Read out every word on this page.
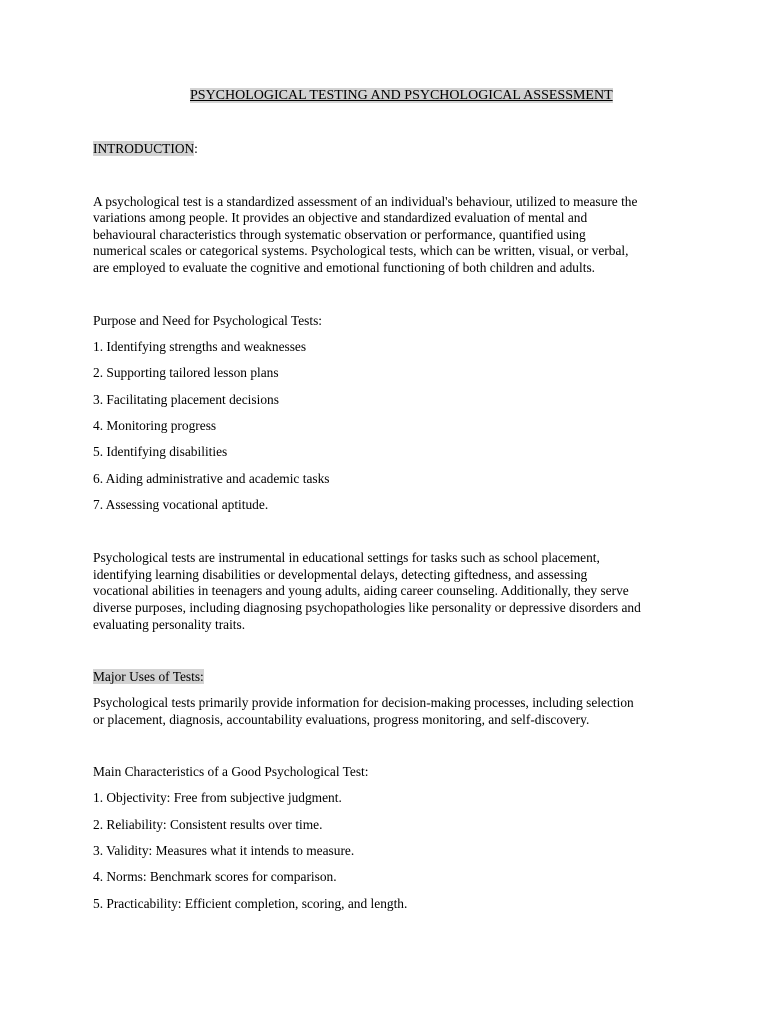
PSYCHOLOGICAL TESTING AND PSYCHOLOGICAL ASSESSMENT
INTRODUCTION:
A psychological test is a standardized assessment of an individual's behaviour, utilized to measure the
variations among people. It provides an objective and standardized evaluation of mental and
behavioural characteristics through systematic observation or performance, quantified using
numerical scales or categorical systems. Psychological tests, which can be written, visual, or verbal,
are employed to evaluate the cognitive and emotional functioning of both children and adults.
Purpose and Need for Psychological Tests:
1. Identifying strengths and weaknesses
2. Supporting tailored lesson plans
3. Facilitating placement decisions
4. Monitoring progress
5. Identifying disabilities
6. Aiding administrative and academic tasks
7. Assessing vocational aptitude.
Psychological tests are instrumental in educational settings for tasks such as school placement,
identifying learning disabilities or developmental delays, detecting giftedness, and assessing
vocational abilities in teenagers and young adults, aiding career counseling. Additionally, they serve
diverse purposes, including diagnosing psychopathologies like personality or depressive disorders and
evaluating personality traits.
Major Uses of Tests:
Psychological tests primarily provide information for decision-making processes, including selection
or placement, diagnosis, accountability evaluations, progress monitoring, and self-discovery.
Main Characteristics of a Good Psychological Test:
1. Objectivity: Free from subjective judgment.
2. Reliability: Consistent results over time.
3. Validity: Measures what it intends to measure.
4. Norms: Benchmark scores for comparison.
5. Practicability: Efficient completion, scoring, and length.
